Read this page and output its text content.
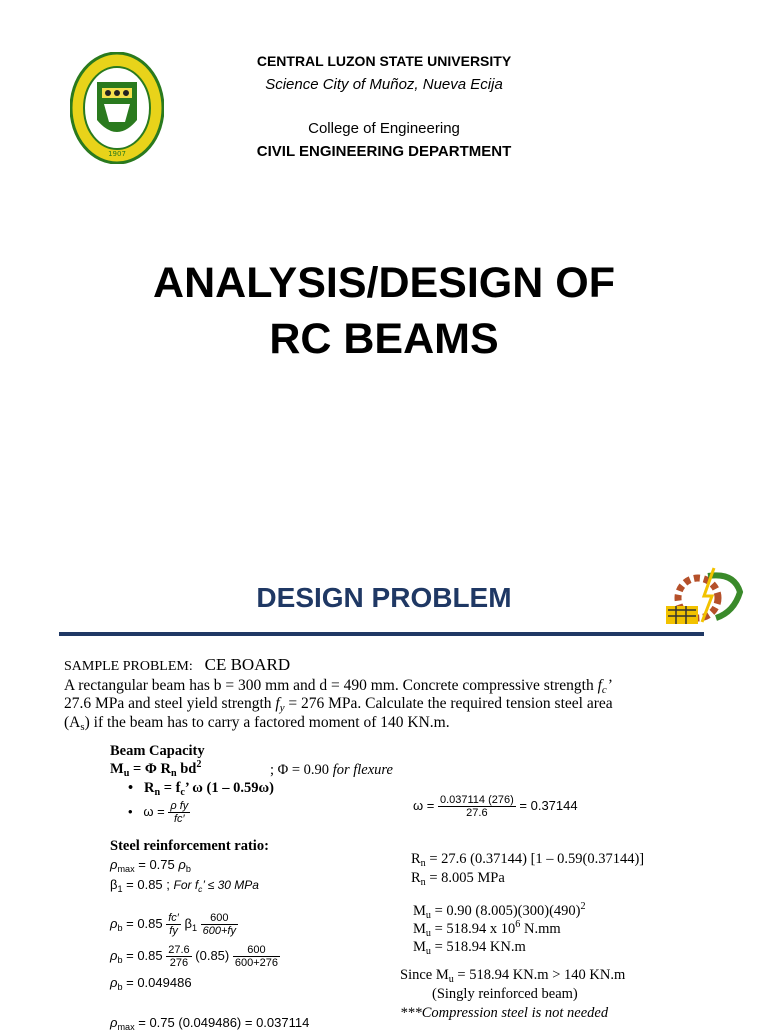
1907
CENTRAL LUZON STATE UNIVERSITY
Science City of Muñoz, Nueva Ecija
College of Engineering
CIVIL ENGINEERING DEPARTMENT
ANALYSIS/DESIGN OF
RC BEAMS
DESIGN PROBLEM
SAMPLE PROBLEM: CE BOARD
A rectangular beam has b = 300 mm and d = 490 mm. Concrete compressive strength $f_c$’
27.6 MPa and steel yield strength $f_y = 276$ MPa. Calculate the required tension steel area
$(A_s)$ if the beam has to carry a factored moment of 140 KN.m.
Beam Capacity
$M_u = \Phi$ $R_n$ $bd^2$	; Φ = 0.90 for flexure
•   $R_n = f_c$’ ω (1 – 0.59ω)
•   $\omega = \frac{\text{ρ fy}}{fc'}$
Steel reinforcement ratio:
$\rho_{max} = 0.75$ $\rho_b$
$\beta_1 = 0.85$ ; For $f_c$’ ≤ 30 MPa
$\rho_b = 0.85 \frac{fc'}{fy} \beta_1 \frac{600}{600+fy}$
$\rho_b = 0.85 \frac{27.6}{276} (0.85) \frac{600}{600+276}$
$\rho_b = 0.049486$
$\rho_{max} = 0.75$ (0.049486) = 0.037114
$\omega = \frac{0.037114 (276)}{27.6} = 0.37144$
$R_n = 27.6$ (0.37144) [1 – 0.59(0.37144)]
$R_n = 8.005$ MPa
$M_u = 0.90$ $(8.005)(300)(490)^2$
$M_u = 518.94$ x $10^6$ N.mm
$M_u = 518.94$ KN.m
Since $M_u = 518.94$ KN.m > 140 KN.m
(Singly reinforced beam)
***Compression steel is not needed
